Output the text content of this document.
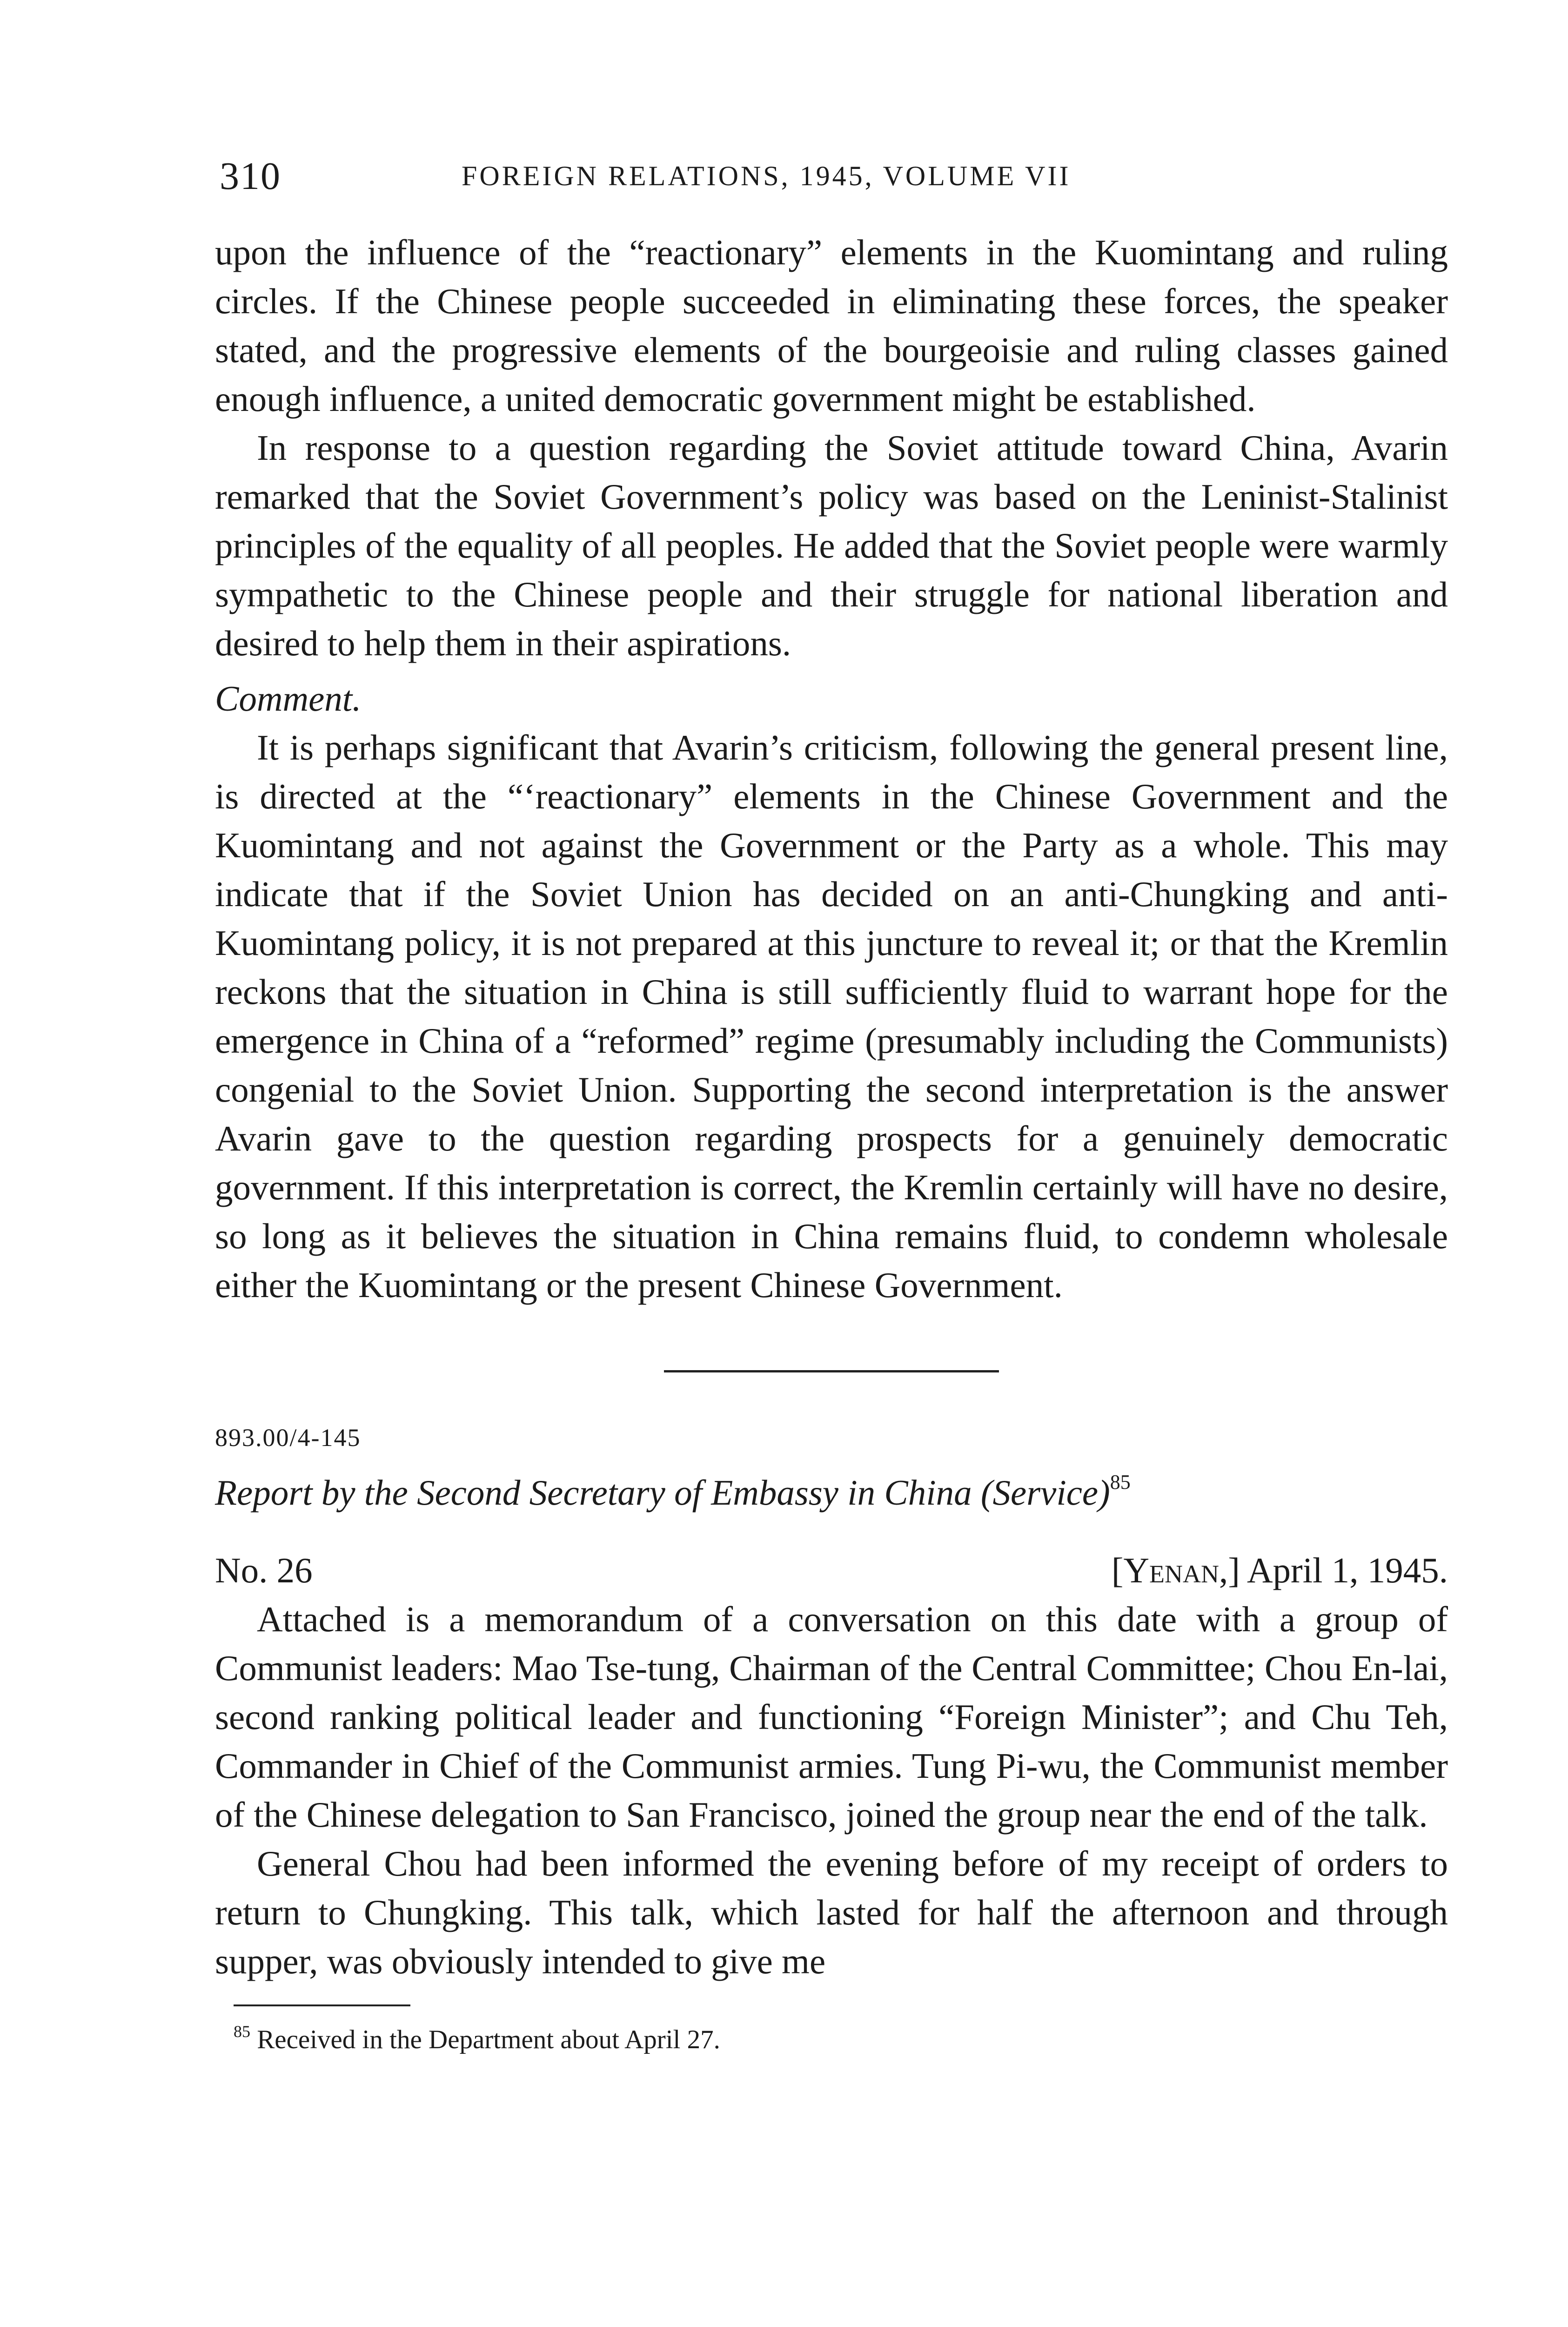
310	FOREIGN RELATIONS, 1945, VOLUME VII

upon the influence of the “reactionary” elements in the Kuomintang and ruling circles. If the Chinese people succeeded in eliminating these forces, the speaker stated, and the progressive elements of the bourgeoisie and ruling classes gained enough influence, a united democratic government might be established.

In response to a question regarding the Soviet attitude toward China, Avarin remarked that the Soviet Government’s policy was based on the Leninist-Stalinist principles of the equality of all peoples. He added that the Soviet people were warmly sympathetic to the Chinese people and their struggle for national liberation and desired to help them in their aspirations.

Comment.

It is perhaps significant that Avarin’s criticism, following the general present line, is directed at the “‘reactionary” elements in the Chinese Government and the Kuomintang and not against the Government or the Party as a whole. This may indicate that if the Soviet Union has decided on an anti-Chungking and anti-Kuomintang policy, it is not prepared at this juncture to reveal it; or that the Kremlin reckons that the situation in China is still sufficiently fluid to warrant hope for the emergence in China of a “reformed” regime (presumably including the Communists) congenial to the Soviet Union. Supporting the second interpretation is the answer Avarin gave to the question regarding prospects for a genuinely democratic government. If this interpretation is correct, the Kremlin certainly will have no desire, so long as it believes the situation in China remains fluid, to condemn wholesale either the Kuomintang or the present Chinese Government.

893.00/4-145
Report by the Second Secretary of Embassy in China (Service)$^{85}$
No. 26	[Yenan,] April 1, 1945.

Attached is a memorandum of a conversation on this date with a group of Communist leaders: Mao Tse-tung, Chairman of the Central Committee; Chou En-lai, second ranking political leader and functioning “Foreign Minister”; and Chu Teh, Commander in Chief of the Communist armies. Tung Pi-wu, the Communist member of the Chinese delegation to San Francisco, joined the group near the end of the talk.

General Chou had been informed the evening before of my receipt of orders to return to Chungking. This talk, which lasted for half the afternoon and through supper, was obviously intended to give me

$^{85}$ Received in the Department about April 27.
